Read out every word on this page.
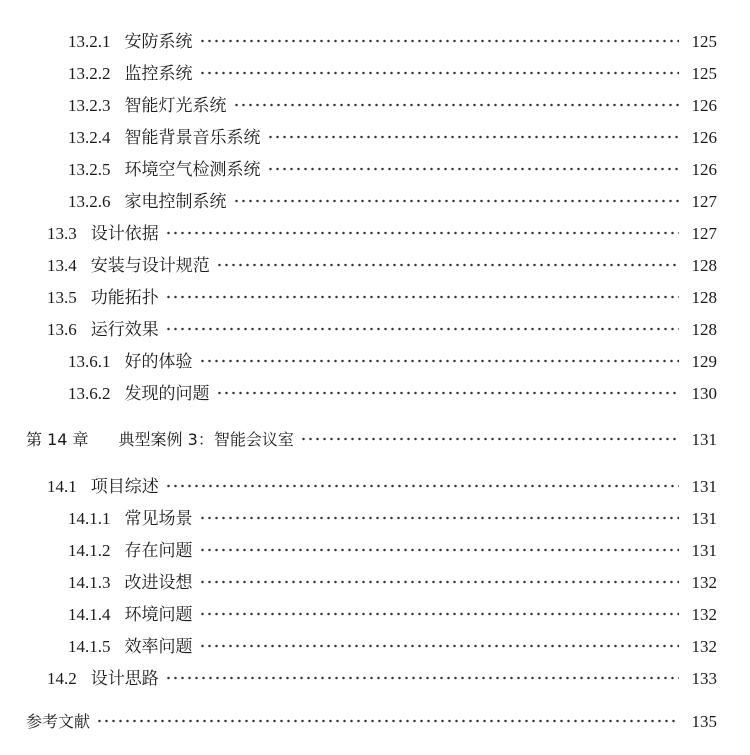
13.2.1 安防系统	125
13.2.2 监控系统	125
13.2.3 智能灯光系统	126
13.2.4 智能背景音乐系统	126
13.2.5 环境空气检测系统	126
13.2.6 家电控制系统	127
13.3 设计依据	127
13.4 安装与设计规范	128
13.5 功能拓扑	128
13.6 运行效果	128
13.6.1 好的体验	129
13.6.2 发现的问题	130
第 14 章 典型案例 3：智能会议室	131
14.1 项目综述	131
14.1.1 常见场景	131
14.1.2 存在问题	131
14.1.3 改进设想	132
14.1.4 环境问题	132
14.1.5 效率问题	132
14.2 设计思路	133
参考文献	135
